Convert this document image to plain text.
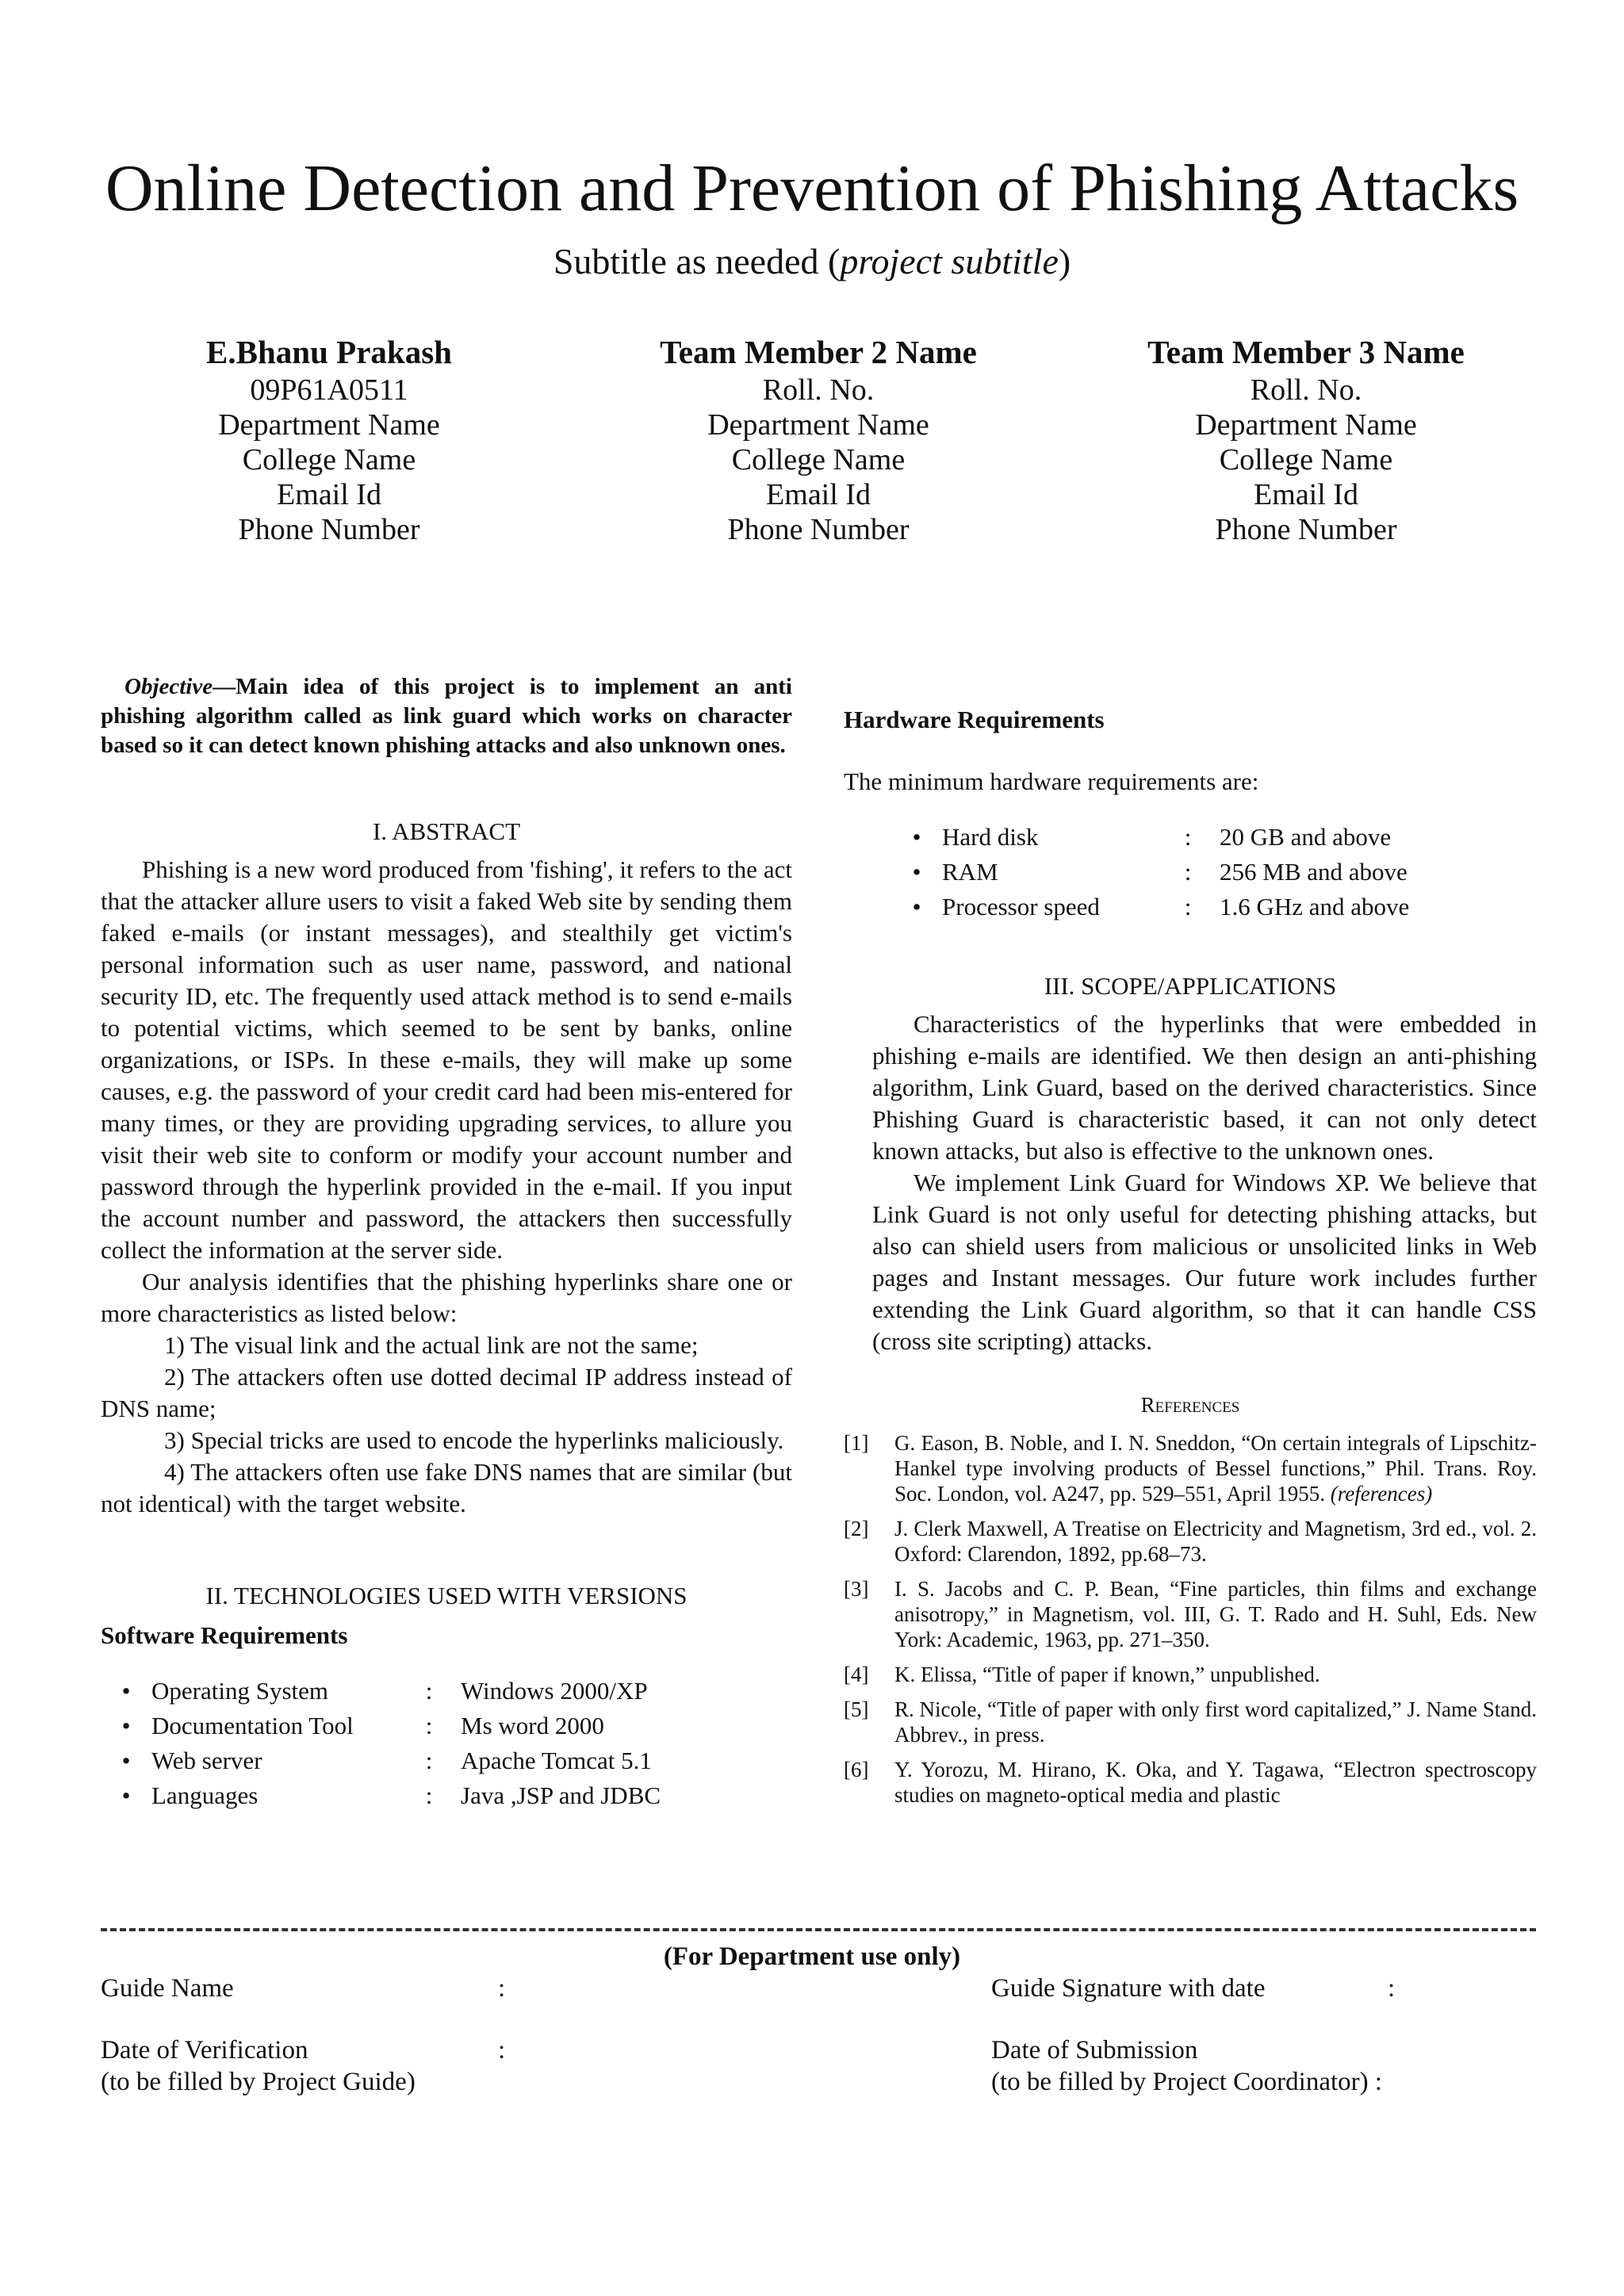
Online Detection and Prevention of Phishing Attacks
Subtitle as needed (project subtitle)
E.Bhanu Prakash
09P61A0511
Department Name
College Name
Email Id
Phone Number
Team Member 2 Name
Roll. No.
Department Name
College Name
Email Id
Phone Number
Team Member 3 Name
Roll. No.
Department Name
College Name
Email Id
Phone Number

Objective—Main idea of this project is to implement an anti phishing algorithm called as link guard which works on character based so it can detect known phishing attacks and also unknown ones.

I. ABSTRACT

Phishing is a new word produced from 'fishing', it refers to the act that the attacker allure users to visit a faked Web site by sending them faked e-mails (or instant messages), and stealthily get victim's personal information such as user name, password, and national security ID, etc. The frequently used attack method is to send e-mails to potential victims, which seemed to be sent by banks, online organizations, or ISPs. In these e-mails, they will make up some causes, e.g. the password of your credit card had been mis-entered for many times, or they are providing upgrading services, to allure you visit their web site to conform or modify your account number and password through the hyperlink provided in the e-mail. If you input the account number and password, the attackers then successfully collect the information at the server side.

Our analysis identifies that the phishing hyperlinks share one or more characteristics as listed below:

1) The visual link and the actual link are not the same;

2) The attackers often use dotted decimal IP address instead of DNS name;

3) Special tricks are used to encode the hyperlinks maliciously.

4) The attackers often use fake DNS names that are similar (but not identical) with the target website.

II. TECHNOLOGIES USED WITH VERSIONS

Software Requirements

• Operating System	:	Windows 2000/XP
• Documentation Tool	:	Ms word 2000
• Web server	:	Apache Tomcat 5.1
• Languages	:	Java ,JSP and JDBC

Hardware Requirements

The minimum hardware requirements are:

• Hard disk	:	20 GB and above
• RAM	:	256 MB and above
• Processor speed	:	1.6 GHz and above

III. SCOPE/APPLICATIONS

Characteristics of the hyperlinks that were embedded in phishing e-mails are identified. We then design an anti-phishing algorithm, Link Guard, based on the derived characteristics. Since Phishing Guard is characteristic based, it can not only detect known attacks, but also is effective to the unknown ones.

We implement Link Guard for Windows XP. We believe that Link Guard is not only useful for detecting phishing attacks, but also can shield users from malicious or unsolicited links in Web pages and Instant messages. Our future work includes further extending the Link Guard algorithm, so that it can handle CSS (cross site scripting) attacks.

References

[1]	G. Eason, B. Noble, and I. N. Sneddon, “On certain integrals of Lipschitz-Hankel type involving products of Bessel functions,” Phil. Trans. Roy. Soc. London, vol. A247, pp. 529–551, April 1955. (references)
[2]	J. Clerk Maxwell, A Treatise on Electricity and Magnetism, 3rd ed., vol. 2. Oxford: Clarendon, 1892, pp.68–73.
[3]	I. S. Jacobs and C. P. Bean, “Fine particles, thin films and exchange anisotropy,” in Magnetism, vol. III, G. T. Rado and H. Suhl, Eds. New York: Academic, 1963, pp. 271–350.
[4]	K. Elissa, “Title of paper if known,” unpublished.
[5]	R. Nicole, “Title of paper with only first word capitalized,” J. Name Stand. Abbrev., in press.
[6]	Y. Yorozu, M. Hirano, K. Oka, and Y. Tagawa, “Electron spectroscopy studies on magneto-optical media and plastic
(For Department use only)
Guide Name	:	Guide Signature with date	:
Date of Verification	:
(to be filled by Project Guide)
Date of Submission
(to be filled by Project Coordinator) :
